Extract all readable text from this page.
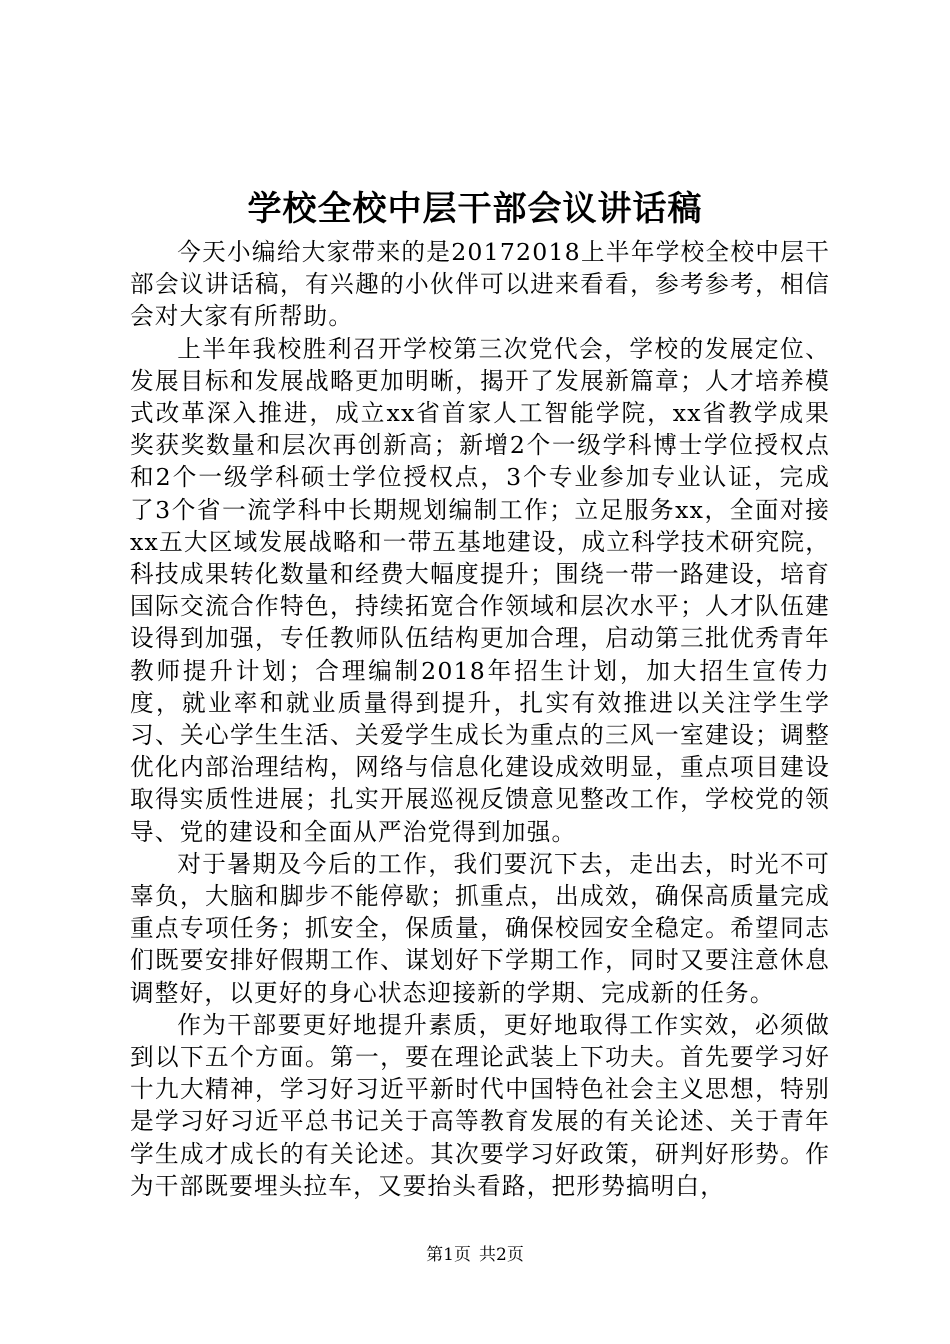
学校全校中层干部会议讲话稿

今天小编给大家带来的是20172018上半年学校全校中层干部会议讲话稿，有兴趣的小伙伴可以进来看看，参考参考，相信会对大家有所帮助。

上半年我校胜利召开学校第三次党代会，学校的发展定位、发展目标和发展战略更加明晰，揭开了发展新篇章；人才培养模式改革深入推进，成立xx省首家人工智能学院，xx省教学成果奖获奖数量和层次再创新高；新增2个一级学科博士学位授权点和2个一级学科硕士学位授权点，3个专业参加专业认证，完成了3个省一流学科中长期规划编制工作；立足服务xx，全面对接xx五大区域发展战略和一带五基地建设，成立科学技术研究院，科技成果转化数量和经费大幅度提升；围绕一带一路建设，培育国际交流合作特色，持续拓宽合作领域和层次水平；人才队伍建设得到加强，专任教师队伍结构更加合理，启动第三批优秀青年教师提升计划；合理编制2018年招生计划，加大招生宣传力度，就业率和就业质量得到提升，扎实有效推进以关注学生学习、关心学生生活、关爱学生成长为重点的三风一室建设；调整优化内部治理结构，网络与信息化建设成效明显，重点项目建设取得实质性进展；扎实开展巡视反馈意见整改工作，学校党的领导、党的建设和全面从严治党得到加强。

对于暑期及今后的工作，我们要沉下去，走出去，时光不可辜负，大脑和脚步不能停歇；抓重点，出成效，确保高质量完成重点专项任务；抓安全，保质量，确保校园安全稳定。希望同志们既要安排好假期工作、谋划好下学期工作，同时又要注意休息调整好，以更好的身心状态迎接新的学期、完成新的任务。

作为干部要更好地提升素质，更好地取得工作实效，必须做到以下五个方面。第一，要在理论武装上下功夫。首先要学习好十九大精神，学习好习近平新时代中国特色社会主义思想，特别是学习好习近平总书记关于高等教育发展的有关论述、关于青年学生成才成长的有关论述。其次要学习好政策，研判好形势。作为干部既要埋头拉车，又要抬头看路，把形势搞明白，

第1页 共2页
